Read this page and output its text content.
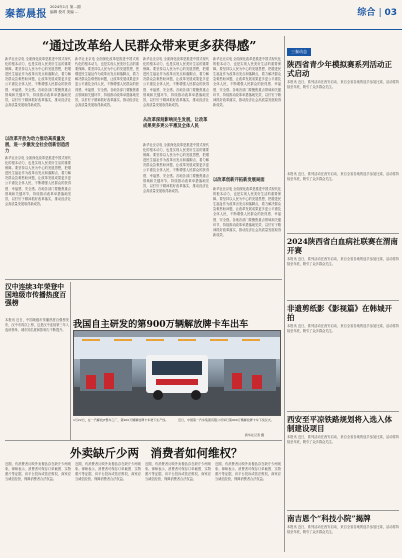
秦都晨报
2024年1月 第…期
编辑 校对 美编 …	综合 | 03
“通过改革给人民群众带来更多获得感”
新华社北京电 全面深化改革是推进中国式现代化的根本动力，也是实现人民美好生活的重要保障。要坚持以人民为中心的发展思想，把增进民生福祉作为改革出发点和落脚点，着力解决群众急难愁盼问题，让改革发展成果更多更公平惠及全体人民，不断增强人民群众的获得感、幸福感、安全感。各地各部门要聚焦重点领域和关键环节，持续推动改革举措落地见效，以钉钉子精神抓好改革落实，推动经济社会高质量发展取得新成效。
以改革开放为动力推动高质量发展，进一步激发全社会创新创造活力
新华社北京电 全面深化改革是推进中国式现代化的根本动力，也是实现人民美好生活的重要保障。要坚持以人民为中心的发展思想，把增进民生福祉作为改革出发点和落脚点，着力解决群众急难愁盼问题，让改革发展成果更多更公平惠及全体人民，不断增强人民群众的获得感、幸福感、安全感。各地各部门要聚焦重点领域和关键环节，持续推动改革举措落地见效，以钉钉子精神抓好改革落实，推动经济社会高质量发展取得新成效。
新华社北京电 全面深化改革是推进中国式现代化的根本动力，也是实现人民美好生活的重要保障。要坚持以人民为中心的发展思想，把增进民生福祉作为改革出发点和落脚点，着力解决群众急难愁盼问题，让改革发展成果更多更公平惠及全体人民，不断增强人民群众的获得感、幸福感、安全感。各地各部门要聚焦重点领域和关键环节，持续推动改革举措落地见效，以钉钉子精神抓好改革落实，推动经济社会高质量发展取得新成效。
新华社北京电 全面深化改革是推进中国式现代化的根本动力，也是实现人民美好生活的重要保障。要坚持以人民为中心的发展思想，把增进民生福祉作为改革出发点和落脚点，着力解决群众急难愁盼问题，让改革发展成果更多更公平惠及全体人民，不断增强人民群众的获得感、幸福感、安全感。各地各部门要聚焦重点领域和关键环节，持续推动改革举措落地见效，以钉钉子精神抓好改革落实，推动经济社会高质量发展取得新成效。
从改革深刻影响民生发展，让改革成果更多更公平惠及全体人民
新华社北京电 全面深化改革是推进中国式现代化的根本动力，也是实现人民美好生活的重要保障。要坚持以人民为中心的发展思想，把增进民生福祉作为改革出发点和落脚点，着力解决群众急难愁盼问题，让改革发展成果更多更公平惠及全体人民，不断增强人民群众的获得感、幸福感、安全感。各地各部门要聚焦重点领域和关键环节，持续推动改革举措落地见效，以钉钉子精神抓好改革落实，推动经济社会高质量发展取得新成效。
新华社北京电 全面深化改革是推进中国式现代化的根本动力，也是实现人民美好生活的重要保障。要坚持以人民为中心的发展思想，把增进民生福祉作为改革出发点和落脚点，着力解决群众急难愁盼问题，让改革发展成果更多更公平惠及全体人民，不断增强人民群众的获得感、幸福感、安全感。各地各部门要聚焦重点领域和关键环节，持续推动改革举措落地见效，以钉钉子精神抓好改革落实，推动经济社会高质量发展取得新成效。
以改革创新开拓新发展局面
新华社北京电 全面深化改革是推进中国式现代化的根本动力，也是实现人民美好生活的重要保障。要坚持以人民为中心的发展思想，把增进民生福祉作为改革出发点和落脚点，着力解决群众急难愁盼问题，让改革发展成果更多更公平惠及全体人民，不断增强人民群众的获得感、幸福感、安全感。各地各部门要聚焦重点领域和关键环节，持续推动改革举措落地见效，以钉钉子精神抓好改革落实，推动经济社会高质量发展取得新成效。
三秦动态
陕西省青少年模拟赛系列活动正式启动
本报讯 近日，系列活动在西安启动，来自全省各地的选手参加比赛，活动将持续至年底，吸引了众多群众关注。
本报讯 近日，系列活动在西安启动，来自全省各地的选手参加比赛，活动将持续至年底，吸引了众多群众关注。
2024陕西省白血病社联赛在渭南开赛
本报讯 近日，系列活动在西安启动，来自全省各地的选手参加比赛，活动将持续至年底，吸引了众多群众关注。
非遗剪纸影《影视篇》在韩城开拍
本报讯 近日，系列活动在西安启动，来自全省各地的选手参加比赛，活动将持续至年底，吸引了众多群众关注。
西安至平凉铁路规划将入选入体制建设项目
本报讯 近日，系列活动在西安启动，来自全省各地的选手参加比赛，活动将持续至年底，吸引了众多群众关注。
南吉恩个“科技小院”揭牌
本报讯 近日，系列活动在西安启动，来自全省各地的选手参加比赛，活动将持续至年底，吸引了众多群众关注。
汉中连续3年荣登中国地级市传播热度百强榜
本报讯 近日，中国地级市传播热度百强榜发布，汉中市再次上榜，这是汉中连续第三年入选该榜单，城市知名度和影响力不断提升。
我国自主研发的第900万辆解放牌卡车出车
1月22日，在一汽解放J7整车工厂，第900万辆解放牌卡车驶下生产线。	近日，中国第一汽车集团有限公司举行第900万辆解放牌卡车下线仪式。
新华社记者 摄
外卖缺斤少两　消费者如何维权？
近期，有消费者反映外卖餐品存在缺斤少两现象。律师表示，消费者可保存订单截图、实物照片等证据，向平台投诉或依法维权，商家应当诚信经营，保障消费者合法权益。
近期，有消费者反映外卖餐品存在缺斤少两现象。律师表示，消费者可保存订单截图、实物照片等证据，向平台投诉或依法维权，商家应当诚信经营，保障消费者合法权益。
近期，有消费者反映外卖餐品存在缺斤少两现象。律师表示，消费者可保存订单截图、实物照片等证据，向平台投诉或依法维权，商家应当诚信经营，保障消费者合法权益。
近期，有消费者反映外卖餐品存在缺斤少两现象。律师表示，消费者可保存订单截图、实物照片等证据，向平台投诉或依法维权，商家应当诚信经营，保障消费者合法权益。
